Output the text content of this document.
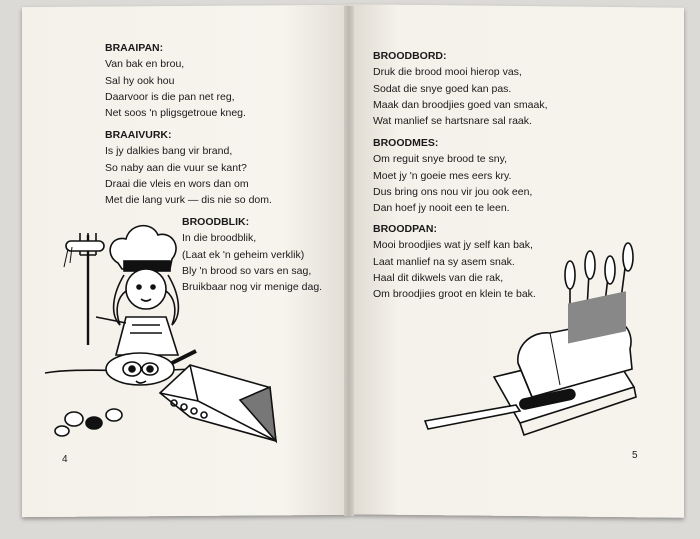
BRAAIPAN:
Van bak en brou,
Sal hy ook hou
Daarvoor is die pan net reg,
Net soos 'n pligsgetroue kneg.
BRAAIVURK:
Is jy dalkies bang vir brand,
So naby aan die vuur se kant?
Draai die vleis en wors dan om
Met die lang vurk — dis nie so dom.
BROODBLIK:
In die broodblik,
(Laat ek 'n geheim verklik)
Bly 'n brood so vars en sag,
Bruikbaar nog vir menige dag.
4
BROODBORD:
Druk die brood mooi hierop vas,
Sodat die snye goed kan pas.
Maak dan broodjies goed van smaak,
Wat manlief se hartsnare sal raak.
BROODMES:
Om reguit snye brood te sny,
Moet jy 'n goeie mes eers kry.
Dus bring ons nou vir jou ook een,
Dan hoef jy nooit een te leen.
BROODPAN:
Mooi broodjies wat jy self kan bak,
Laat manlief na sy asem snak.
Haal dit dikwels van die rak,
Om broodjies groot en klein te bak.
5
